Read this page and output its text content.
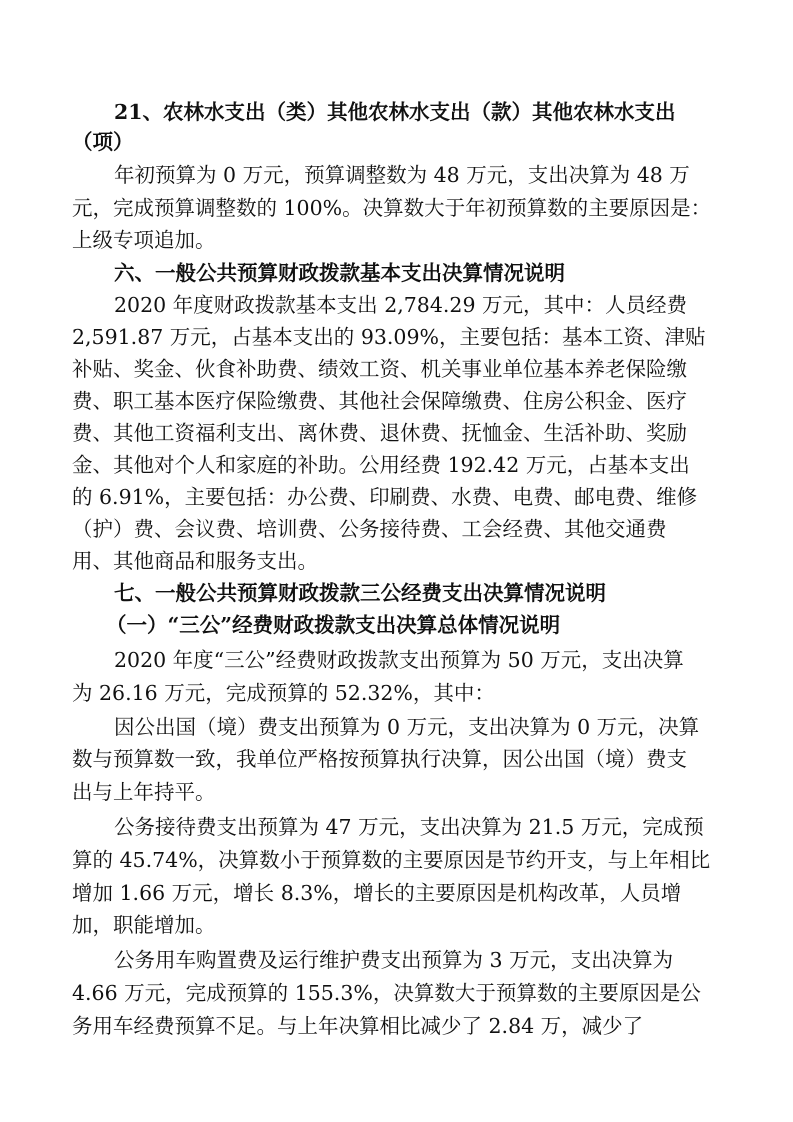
21、农林水支出（类）其他农林水支出（款）其他农林水支出
（项）
年初预算为 0 万元，预算调整数为 48 万元，支出决算为 48 万
元，完成预算调整数的 100%。决算数大于年初预算数的主要原因是：
上级专项追加。
六、一般公共预算财政拨款基本支出决算情况说明
2020 年度财政拨款基本支出 2,784.29 万元，其中：人员经费
2,591.87 万元，占基本支出的 93.09%，主要包括：基本工资、津贴
补贴、奖金、伙食补助费、绩效工资、机关事业单位基本养老保险缴
费、职工基本医疗保险缴费、其他社会保障缴费、住房公积金、医疗
费、其他工资福利支出、离休费、退休费、抚恤金、生活补助、奖励
金、其他对个人和家庭的补助。公用经费 192.42 万元，占基本支出
的 6.91%，主要包括：办公费、印刷费、水费、电费、邮电费、维修
（护）费、会议费、培训费、公务接待费、工会经费、其他交通费
用、其他商品和服务支出。
七、一般公共预算财政拨款三公经费支出决算情况说明
（一）“三公”经费财政拨款支出决算总体情况说明
2020 年度“三公”经费财政拨款支出预算为 50 万元，支出决算
为 26.16 万元，完成预算的 52.32%，其中：
因公出国（境）费支出预算为 0 万元，支出决算为 0 万元，决算
数与预算数一致，我单位严格按预算执行决算，因公出国（境）费支
出与上年持平。
公务接待费支出预算为 47 万元，支出决算为 21.5 万元，完成预
算的 45.74%，决算数小于预算数的主要原因是节约开支，与上年相比
增加 1.66 万元，增长 8.3%，增长的主要原因是机构改革，人员增
加，职能增加。
公务用车购置费及运行维护费支出预算为 3 万元，支出决算为
4.66 万元，完成预算的 155.3%，决算数大于预算数的主要原因是公
务用车经费预算不足。与上年决算相比减少了 2.84 万，减少了
